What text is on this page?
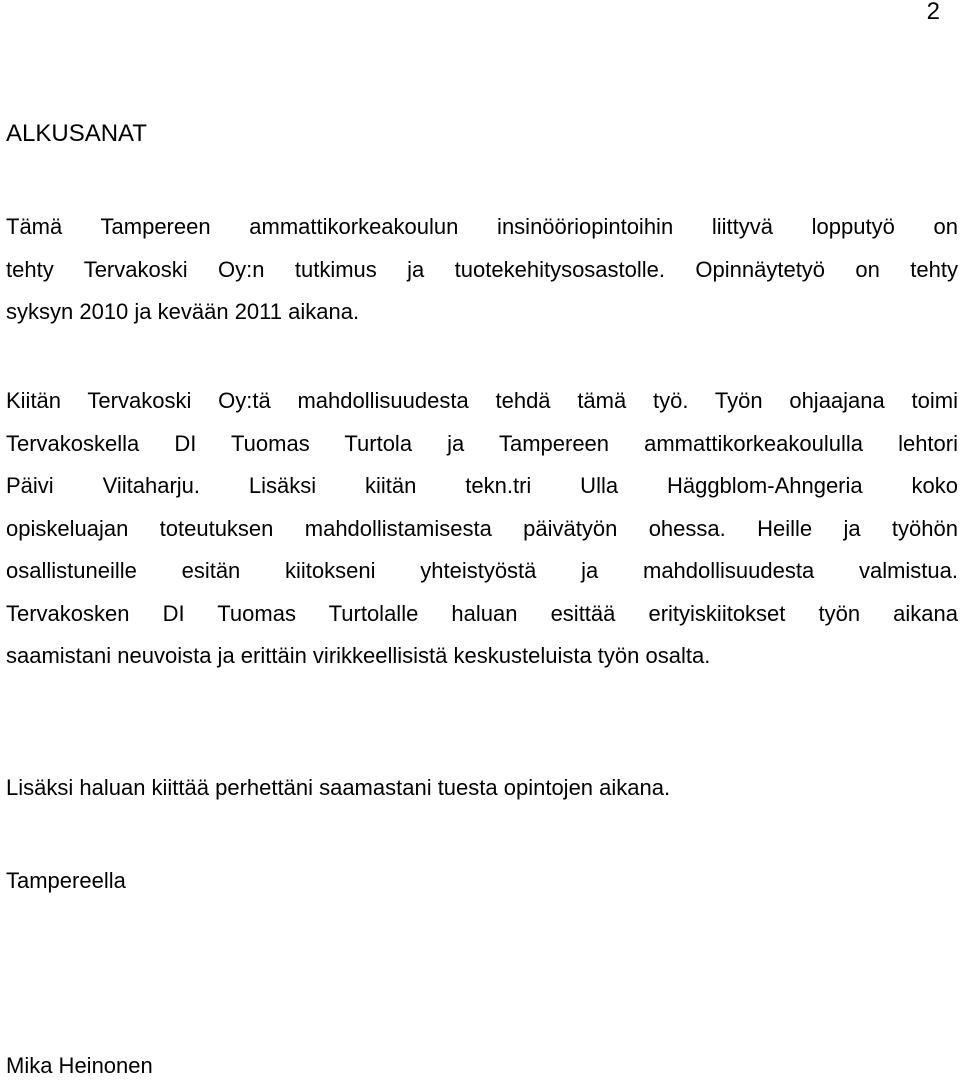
2
ALKUSANAT

Tämä Tampereen ammattikorkeakoulun insinööriopintoihin liittyvä lopputyö on
tehty Tervakoski Oy:n tutkimus ja tuotekehitysosastolle. Opinnäytetyö on tehty
syksyn 2010 ja kevään 2011 aikana.

Kiitän Tervakoski Oy:tä mahdollisuudesta tehdä tämä työ. Työn ohjaajana toimi
Tervakoskella DI Tuomas Turtola ja Tampereen ammattikorkeakoululla lehtori
Päivi Viitaharju. Lisäksi kiitän tekn.tri Ulla Häggblom-Ahngeria koko
opiskeluajan toteutuksen mahdollistamisesta päivätyön ohessa. Heille ja työhön
osallistuneille esitän kiitokseni yhteistyöstä ja mahdollisuudesta valmistua.
Tervakosken DI Tuomas Turtolalle haluan esittää erityiskiitokset työn aikana
saamistani neuvoista ja erittäin virikkeellisistä keskusteluista työn osalta.

Lisäksi haluan kiittää perhettäni saamastani tuesta opintojen aikana.

Tampereella

Mika Heinonen
